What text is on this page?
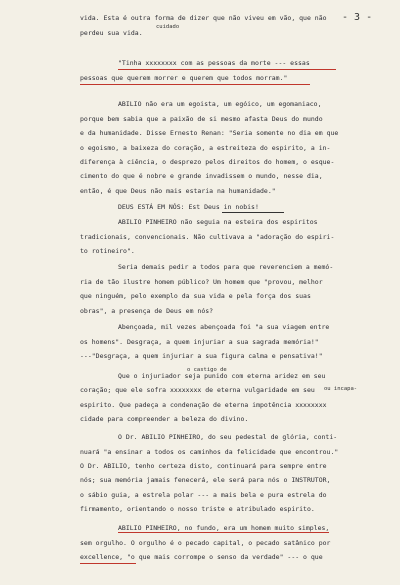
- 3 -
cuidado
o castigo de
ou incapa-
vida. Esta é outra forma de dizer que não viveu em vão, que não
perdeu sua vida.
"Tinha xxxxxxxx com as pessoas da morte --- essas
pessoas que querem morrer e querem que todos morram."
ABILIO não era um egoista, um egóico, um egomaniaco,
porque bem sabia que a paixão de si mesmo afasta Deus do mundo
e da humanidade. Disse Ernesto Renan: "Seria somente no dia em que
o egoismo, a baixeza do coração, a estreiteza do espirito, a in-
diferença à ciência, o desprezo pelos direitos do homem, o esque-
cimento do que é nobre e grande invadissem o mundo, nesse dia,
então, é que Deus não mais estaria na humanidade."
DEUS ESTÁ EM NÓS: Est Deus in nobis!
ABILIO PINHEIRO não seguia na esteira dos espiritos
tradicionais, convencionais. Não cultivava a "adoração do espiri-
to rotineiro".
Seria demais pedir a todos para que reverenciem a memó-
ria de tão ilustre homem público? Um homem que "provou, melhor
que ninguém, pelo exemplo da sua vida e pela força dos suas
obras", a presença de Deus em nós?
Abençoada, mil vezes abençoada foi "a sua viagem entre
os homens". Desgraça, a quem injuriar a sua sagrada memória!"
---"Desgraça, a quem injuriar a sua figura calma e pensativa!"
Que o injuriador seja punido com eterna aridez em seu
coração; que ele sofra xxxxxxxx de eterna vulgaridade em seu
espirito. Que padeça a condenação de eterna impotência xxxxxxxx
cidade para compreender a beleza do divino.
O Dr. ABILIO PINHEIRO, do seu pedestal de glória, conti-
nuará "a ensinar a todos os caminhos da felicidade que encontrou."
O Dr. ABILIO, tenho certeza disto, continuará para sempre entre
nós; sua memória jamais fenecerá, ele será para nós o INSTRUTOR,
o sábio guia, a estrela polar --- a mais bela e pura estrela do
firmamento, orientando o nosso triste e atribulado espirito.
ABILIO PINHEIRO, no fundo, era um homem muito simples,
sem orgulho. O orgulho é o pecado capital, o pecado satânico por
excellence, "o que mais corrompe o senso da verdade" --- o que
